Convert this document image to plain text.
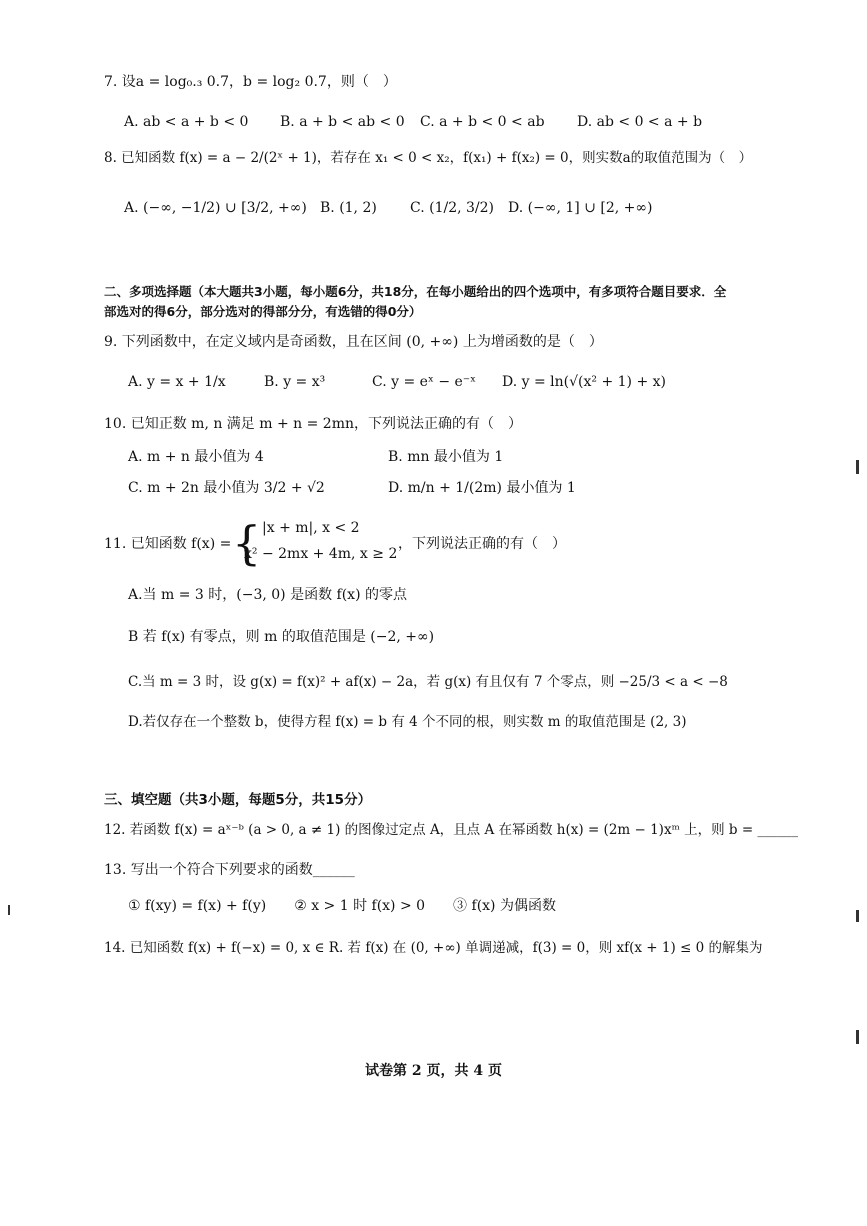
7. 设a = log₀.₃ 0.7，b = log₂ 0.7，则（　）
A. ab < a + b < 0 B. a + b < ab < 0 C. a + b < 0 < ab D. ab < 0 < a + b
8. 已知函数 f(x) = a − 2/(2ˣ + 1)，若存在 x₁ < 0 < x₂，f(x₁) + f(x₂) = 0，则实数a的取值范围为（　）
A. (−∞, −1/2) ∪ [3/2, +∞) B. (1, 2) C. (1/2, 3/2) D. (−∞, 1] ∪ [2, +∞)
二、多项选择题（本大题共3小题，每小题6分，共18分，在每小题给出的四个选项中，有多项符合题目要求．全
部选对的得6分，部分选对的得部分分，有选错的得0分）
9. 下列函数中，在定义域内是奇函数，且在区间 (0, +∞) 上为增函数的是（　）
A. y = x + 1/x	B. y = x³	C. y = eˣ − e⁻ˣ D. y = ln(√(x² + 1) + x)
10. 已知正数 m, n 满足 m + n = 2mn，下列说法正确的有（　）
A. m + n 最小值为 4	B. mn 最小值为 1
C. m + 2n 最小值为 3/2 + √2	D. m/n + 1/(2m) 最小值为 1
11. 已知函数 f(x) = { |x + m|, x < 2
x² − 2mx + 4m, x ≥ 2
，下列说法正确的有（　）
A.当 m = 3 时，(−3, 0) 是函数 f(x) 的零点
B 若 f(x) 有零点，则 m 的取值范围是 (−2, +∞)
C.当 m = 3 时，设 g(x) = f(x)² + af(x) − 2a，若 g(x) 有且仅有 7 个零点，则 −25/3 < a < −8
D.若仅存在一个整数 b，使得方程 f(x) = b 有 4 个不同的根，则实数 m 的取值范围是 (2, 3)
三、填空题（共3小题，每题5分，共15分）
12. 若函数 f(x) = aˣ⁻ᵇ (a > 0, a ≠ 1) 的图像过定点 A，且点 A 在幂函数 h(x) = (2m − 1)xᵐ 上，则 b = ______
13. 写出一个符合下列要求的函数______
① f(xy) = f(x) + f(y)　　② x > 1 时 f(x) > 0　　③ f(x) 为偶函数
14. 已知函数 f(x) + f(−x) = 0, x ∈ R. 若 f(x) 在 (0, +∞) 单调递减，f(3) = 0，则 xf(x + 1) ≤ 0 的解集为
试卷第 2 页，共 4 页
